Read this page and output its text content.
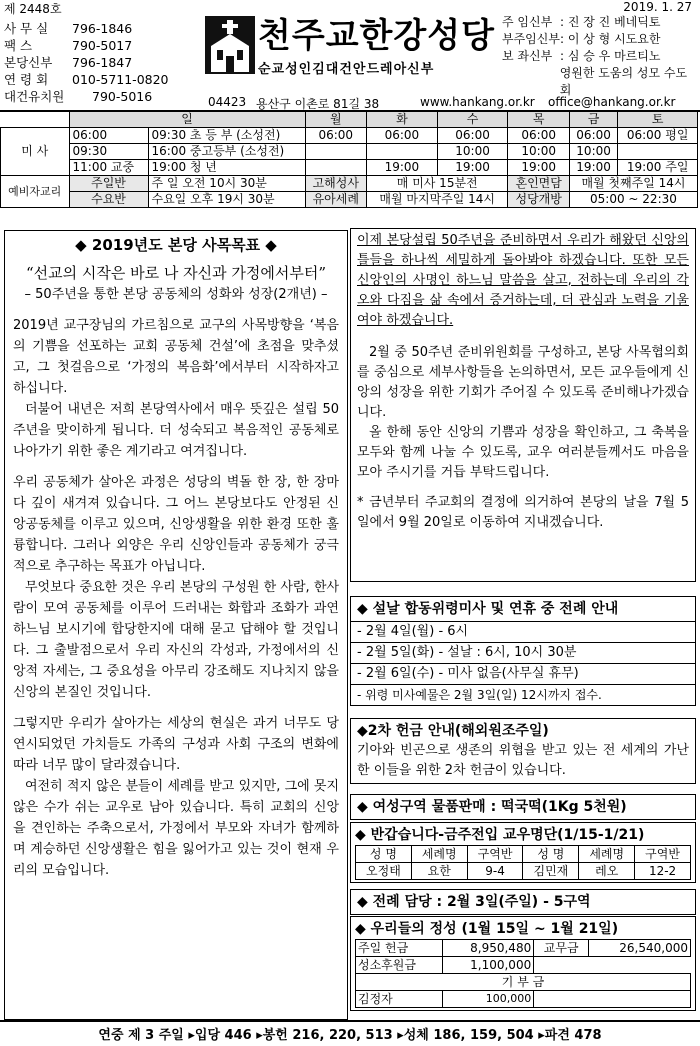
제 2448호	2019. 1. 27
사 무 실	796-1846
팩 스	790-5017
본당신부	796-1847
연 령 회	010-5711-0820
대건유치원	790-5016
천주교한강성당
순교성인김대건안드레아신부
주 임신부 : 진 장 진 베네딕토
부주임신부 : 이 상 형 시도요한
보 좌신부 : 심 승 우 마르티노
영원한 도움의 성모 수도회
04423 용산구 이촌로 81길 38	www.hankang.or.kr office@hankang.or.kr
	일		월	화	수	목	금	토
미 사	06:00	09:30 초 등 부 (소성전)	06:00	06:00	06:00	06:00	06:00	06:00 평일
	09:30	16:00 중고등부 (소성전)			10:00	10:00	10:00	
	11:00 교중	19:00 청 년		19:00	19:00	19:00	19:00	19:00 주일
예비자교리	주일반	주 일 오전 10시 30분	고해성사	매 미사 15분전		혼인면담	매월 첫째주일 14시	
	수요반	수요일 오후 19시 30분	유아세례	매월 마지막주일 14시		성당개방	05:00 ~ 22:30	
◆ 2019년도 본당 사목목표 ◆
“선교의 시작은 바로 나 자신과 가정에서부터”
– 50주년을 통한 본당 공동체의 성화와 성장(2개년) –

2019년 교구장님의 가르침으로 교구의 사목방향을 ‘복음의 기쁨을 선포하는 교회 공동체 건설’에 초점을 맞추셨고, 그 첫걸음으로 ‘가정의 복음화’에서부터 시작하자고 하십니다.

더불어 내년은 저희 본당역사에서 매우 뜻깊은 설립 50주년을 맞이하게 됩니다. 더 성숙되고 복음적인 공동체로 나아가기 위한 좋은 계기라고 여겨집니다.

우리 공동체가 살아온 과정은 성당의 벽돌 한 장, 한 장마다 깊이 새겨져 있습니다. 그 어느 본당보다도 안정된 신앙공동체를 이루고 있으며, 신앙생활을 위한 환경 또한 훌륭합니다. 그러나 외양은 우리 신앙인들과 공동체가 궁극적으로 추구하는 목표가 아닙니다.

무엇보다 중요한 것은 우리 본당의 구성원 한 사람, 한사람이 모여 공동체를 이루어 드러내는 화합과 조화가 과연 하느님 보시기에 합당한지에 대해 묻고 답해야 할 것입니다. 그 출발점으로서 우리 자신의 각성과, 가정에서의 신앙적 자세는, 그 중요성을 아무리 강조해도 지나치지 않을 신앙의 본질인 것입니다.

그렇지만 우리가 살아가는 세상의 현실은 과거 너무도 당연시되었던 가치들도 가족의 구성과 사회 구조의 변화에 따라 너무 많이 달라졌습니다.

여전히 적지 않은 분들이 세례를 받고 있지만, 그에 못지않은 수가 쉬는 교우로 남아 있습니다. 특히 교회의 신앙을 견인하는 주축으로서, 가정에서 부모와 자녀가 함께하며 계승하던 신앙생활은 힘을 잃어가고 있는 것이 현재 우리의 모습입니다.

이제 본당설립 50주년을 준비하면서 우리가 해왔던 신앙의 틀들을 하나씩 세밀하게 돌아봐야 하겠습니다. 또한 모든 신앙인의 사명인 하느님 말씀을 살고, 전하는데 우리의 각오와 다짐을 삶 속에서 증거하는데, 더 관심과 노력을 기울여야 하겠습니다.

2월 중 50주년 준비위원회를 구성하고, 본당 사목협의회를 중심으로 세부사항들을 논의하면서, 모든 교우들에게 신앙의 성장을 위한 기회가 주어질 수 있도록 준비해나가겠습니다.

올 한해 동안 신앙의 기쁨과 성장을 확인하고, 그 축복을 모두와 함께 나눌 수 있도록, 교우 여러분들께서도 마음을 모아 주시기를 거듭 부탁드립니다.

* 금년부터 주교회의 결정에 의거하여 본당의 날을 7월 5일에서 9월 20일로 이동하여 지내겠습니다.

◆ 설날 합동위령미사 및 연휴 중 전례 안내
- 2월 4일(월) - 6시
- 2월 5일(화) - 설날 : 6시, 10시 30분
- 2월 6일(수) - 미사 없음(사무실 휴무)
- 위령 미사예물은 2월 3일(일) 12시까지 접수.
◆2차 헌금 안내(해외원조주일)

기아와 빈곤으로 생존의 위협을 받고 있는 전 세계의 가난한 이들을 위한 2차 헌금이 있습니다.

◆ 여성구역 물품판매 : 떡국떡(1Kg 5천원)
◆ 반갑습니다-금주전입 교우명단(1/15-1/21)
성 명	세례명	구역반	성 명	세례명	구역반
오정태	요한	9-4	김민재	레오	12-2
◆ 전례 담당 : 2월 3일(주일) - 5구역
◆ 우리들의 정성 (1월 15일 ~ 1월 21일)
주일 헌금	8,950,480	교무금	26,540,000
성소후원금	1,100,000		
기 부 금			
김정자	100,000		
연중 제 3 주일 ▸입당 446 ▸봉헌 216, 220, 513 ▸성체 186, 159, 504 ▸파견 478
